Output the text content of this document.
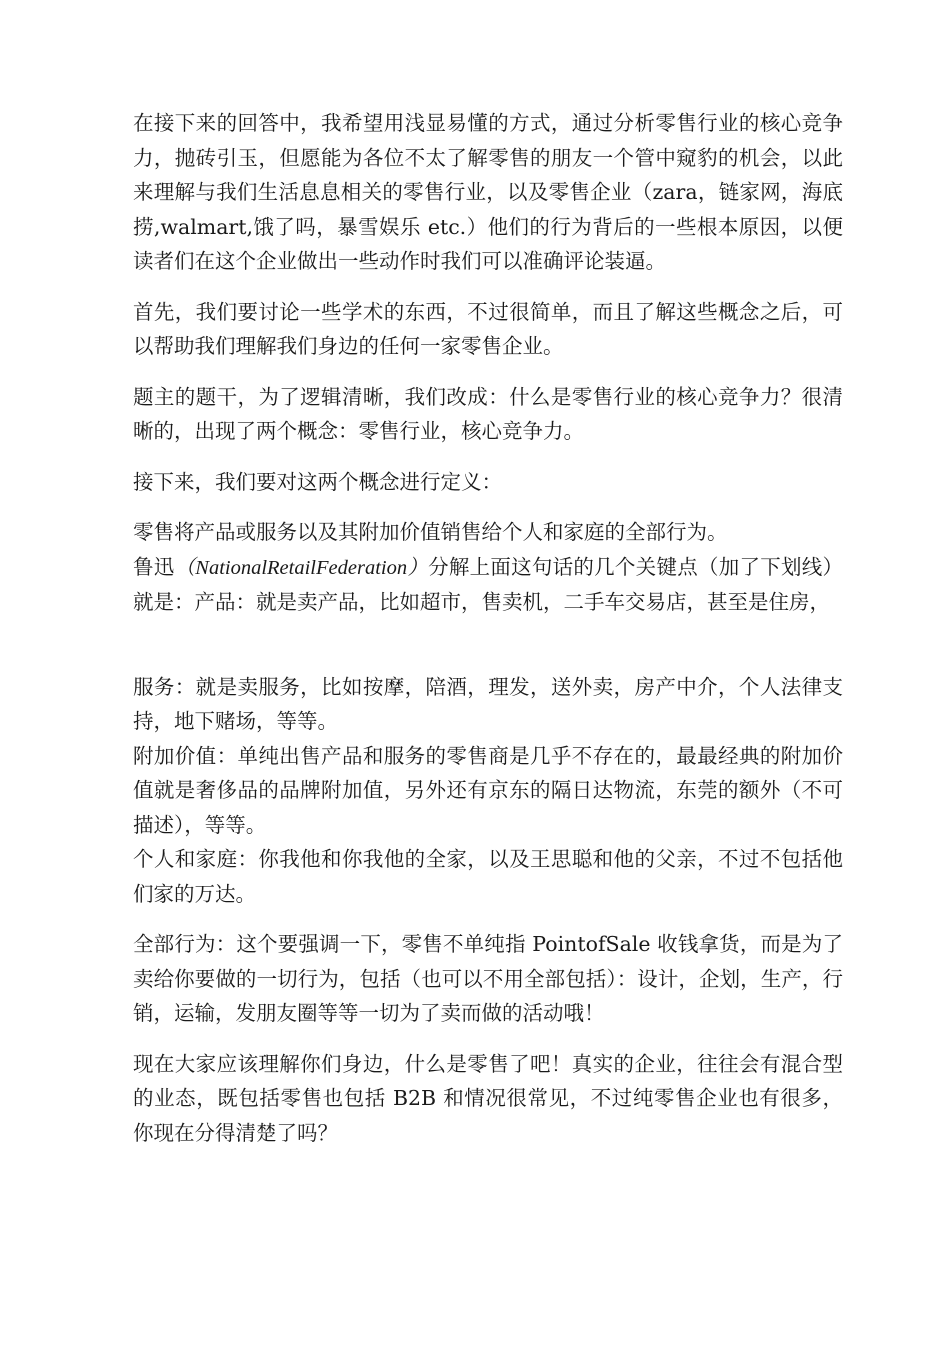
在接下来的回答中，我希望用浅显易懂的方式，通过分析零售行业的核心竞争力，抛砖引玉，但愿能为各位不太了解零售的朋友一个管中窥豹的机会，以此来理解与我们生活息息相关的零售行业，以及零售企业（zara，链家网，海底捞,walmart,饿了吗，暴雪娱乐 etc.）他们的行为背后的一些根本原因，以便读者们在这个企业做出一些动作时我们可以准确评论装逼。

首先，我们要讨论一些学术的东西，不过很简单，而且了解这些概念之后，可以帮助我们理解我们身边的任何一家零售企业。

题主的题干，为了逻辑清晰，我们改成：什么是零售行业的核心竞争力？很清晰的，出现了两个概念：零售行业，核心竞争力。

接下来，我们要对这两个概念进行定义：

零售将产品或服务以及其附加价值销售给个人和家庭的全部行为。
鲁迅（NationalRetailFederation）分解上面这句话的几个关键点（加了下划线）就是：产品：就是卖产品，比如超市，售卖机，二手车交易店，甚至是住房，
服务：就是卖服务，比如按摩，陪酒，理发，送外卖，房产中介，个人法律支持，地下赌场，等等。
附加价值：单纯出售产品和服务的零售商是几乎不存在的，最最经典的附加价值就是奢侈品的品牌附加值，另外还有京东的隔日达物流，东莞的额外（不可描述），等等。
个人和家庭：你我他和你我他的全家，以及王思聪和他的父亲，不过不包括他们家的万达。

全部行为：这个要强调一下，零售不单纯指 PointofSale 收钱拿货，而是为了卖给你要做的一切行为，包括（也可以不用全部包括）：设计，企划，生产，行销，运输，发朋友圈等等一切为了卖而做的活动哦！

现在大家应该理解你们身边，什么是零售了吧！真实的企业，往往会有混合型的业态，既包括零售也包括 B2B 和情况很常见，不过纯零售企业也有很多，你现在分得清楚了吗？
